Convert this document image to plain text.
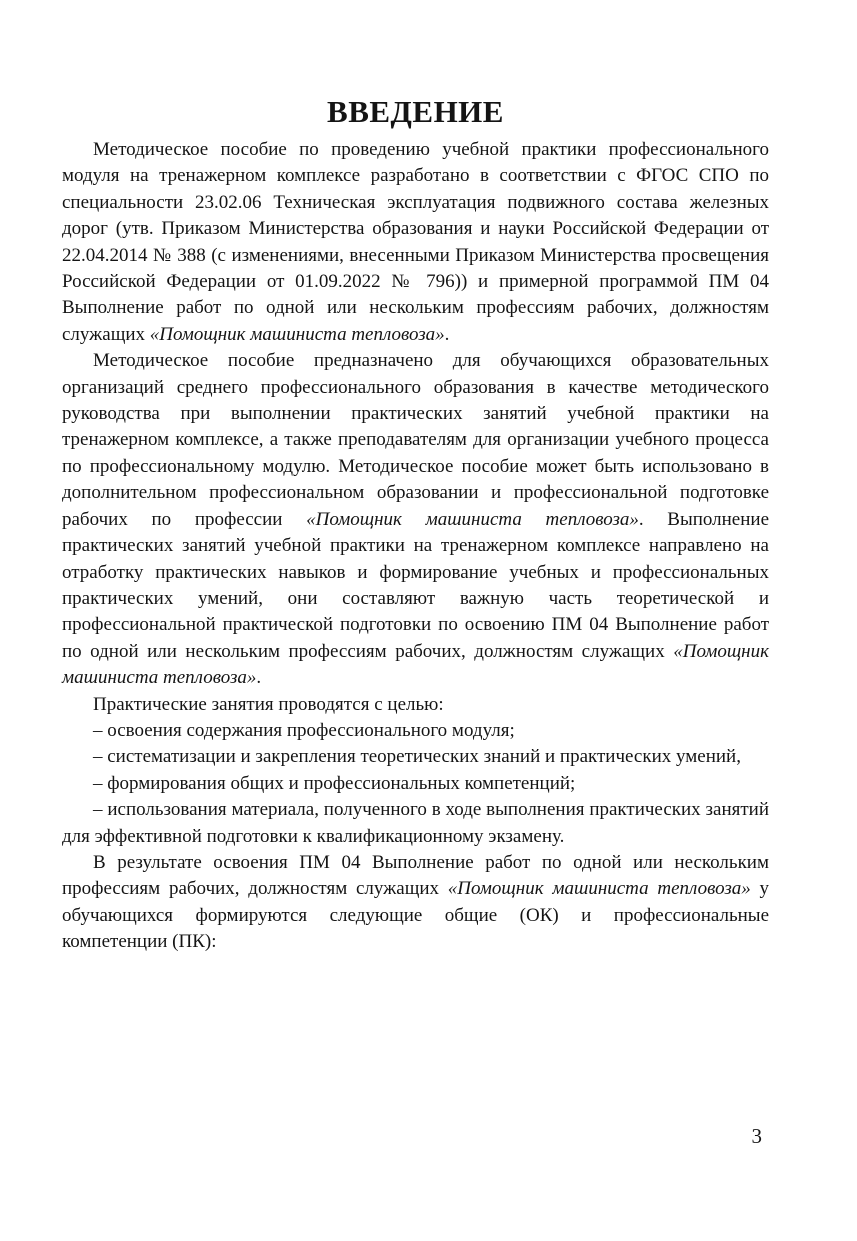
ВВЕДЕНИЕ

Методическое пособие по проведению учебной практики профессионального модуля на тренажерном комплексе разработано в соответствии с ФГОС СПО по специальности 23.02.06 Техническая эксплуатация подвижного состава железных дорог (утв. Приказом Министерства образования и науки Российской Федерации от 22.04.2014 № 388 (с изменениями, внесенными Приказом Министерства просвещения Российской Федерации от 01.09.2022 № 796)) и примерной программой ПМ 04 Выполнение работ по одной или нескольким профессиям рабочих, должностям служащих «Помощник машиниста тепловоза».

Методическое пособие предназначено для обучающихся образовательных организаций среднего профессионального образования в качестве методического руководства при выполнении практических занятий учебной практики на тренажерном комплексе, а также преподавателям для организации учебного процесса по профессиональному модулю. Методическое пособие может быть использовано в дополнительном профессиональном образовании и профессиональной подготовке рабочих по профессии «Помощник машиниста тепловоза». Выполнение практических занятий учебной практики на тренажерном комплексе направлено на отработку практических навыков и формирование учебных и профессиональных практических умений, они составляют важную часть теоретической и профессиональной практической подготовки по освоению ПМ 04 Выполнение работ по одной или нескольким профессиям рабочих, должностям служащих «Помощник машиниста тепловоза».

Практические занятия проводятся с целью:

– освоения содержания профессионального модуля;

– систематизации и закрепления теоретических знаний и практических умений,

– формирования общих и профессиональных компетенций;

– использования материала, полученного в ходе выполнения практических занятий для эффективной подготовки к квалификационному экзамену.

В результате освоения ПМ 04 Выполнение работ по одной или нескольким профессиям рабочих, должностям служащих «Помощник машиниста тепловоза» у обучающихся формируются следующие общие (ОК) и профессиональные компетенции (ПК):

3
